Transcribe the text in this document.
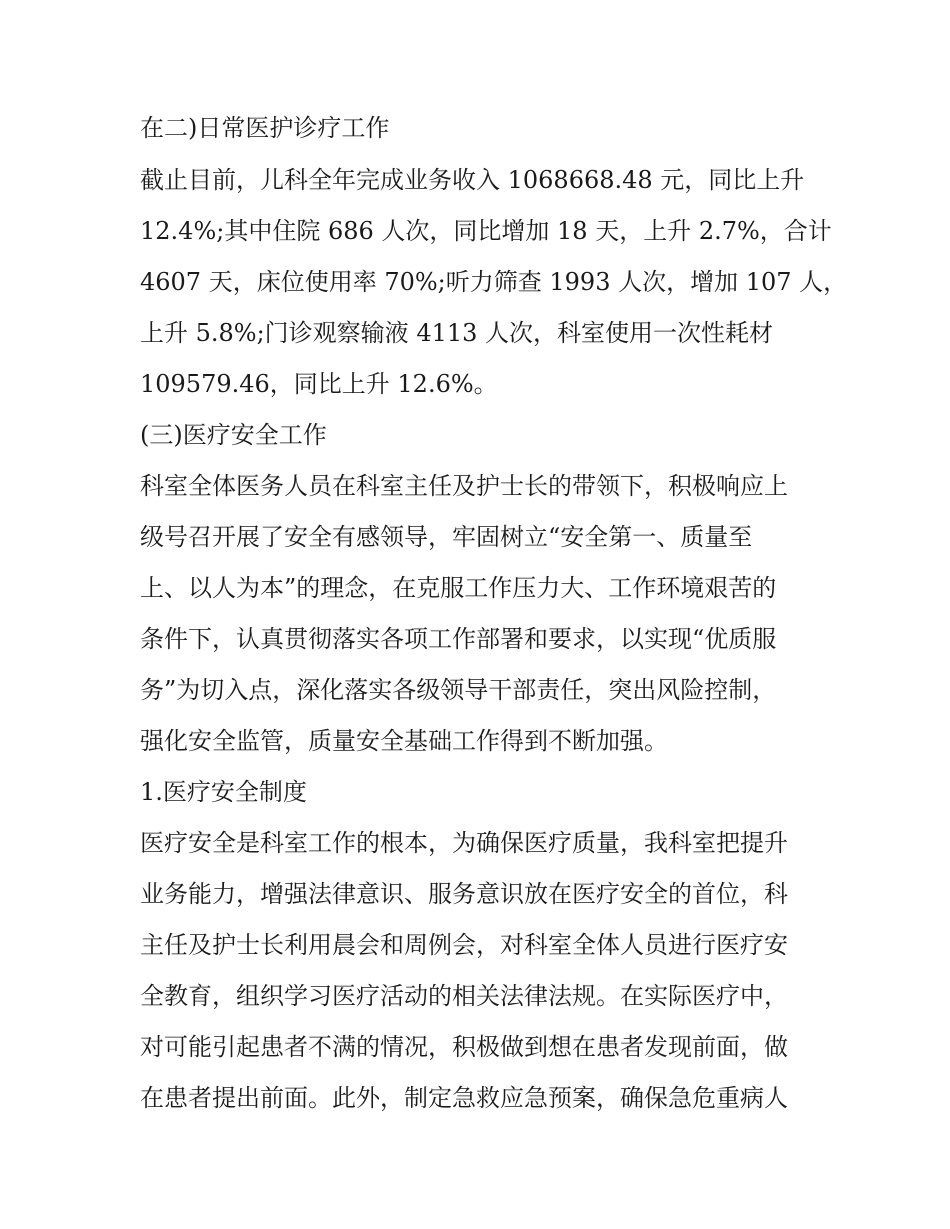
在二)日常医护诊疗工作
截止目前，儿科全年完成业务收入 1068668.48 元，同比上升
12.4%;其中住院 686 人次，同比增加 18 天，上升 2.7%，合计
4607 天，床位使用率 70%;听力筛查 1993 人次，增加 107 人，
上升 5.8%;门诊观察输液 4113 人次，科室使用一次性耗材
109579.46，同比上升 12.6%。
(三)医疗安全工作
科室全体医务人员在科室主任及护士长的带领下，积极响应上
级号召开展了安全有感领导，牢固树立“安全第一、质量至
上、以人为本”的理念，在克服工作压力大、工作环境艰苦的
条件下，认真贯彻落实各项工作部署和要求，以实现“优质服
务”为切入点，深化落实各级领导干部责任，突出风险控制，
强化安全监管，质量安全基础工作得到不断加强。
1.医疗安全制度
医疗安全是科室工作的根本，为确保医疗质量，我科室把提升
业务能力，增强法律意识、服务意识放在医疗安全的首位，科
主任及护士长利用晨会和周例会，对科室全体人员进行医疗安
全教育，组织学习医疗活动的相关法律法规。在实际医疗中，
对可能引起患者不满的情况，积极做到想在患者发现前面，做
在患者提出前面。此外，制定急救应急预案，确保急危重病人
